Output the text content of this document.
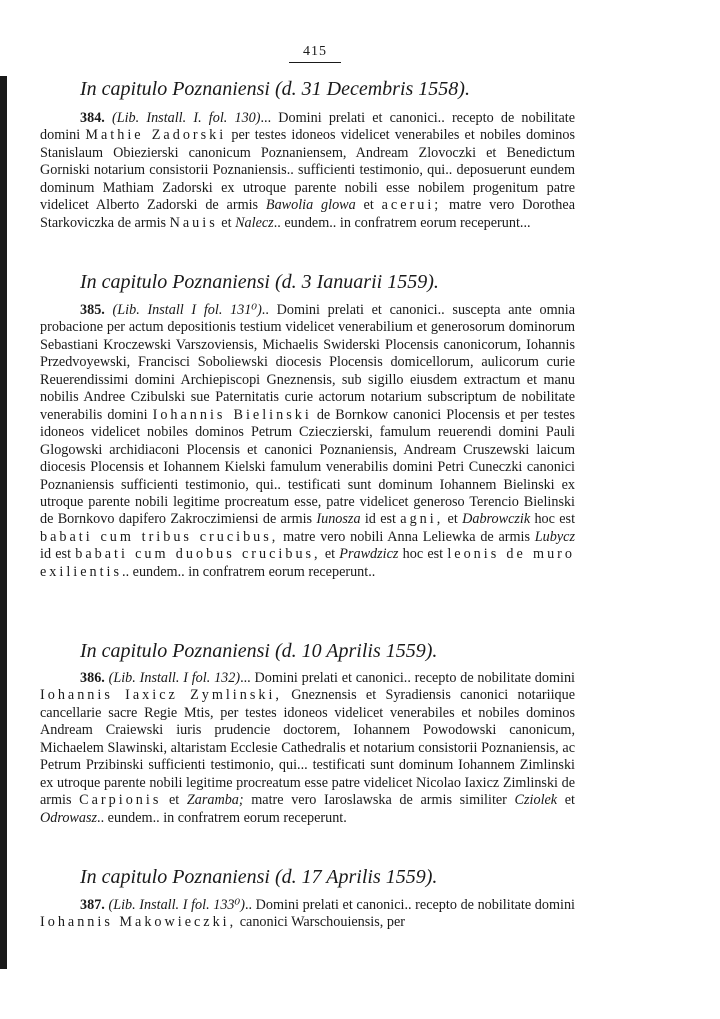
415
In capitulo Poznaniensi (d. 31 Decembris 1558).

384. (Lib. Install. I. fol. 130)... Domini prelati et canonici.. recepto de nobilitate domini Mathie Zadorski per testes idoneos videlicet venerabiles et nobiles dominos Stanislaum Obiezierski canonicum Poznaniensem, Andream Zlovoczki et Benedictum Gorniski notarium consistorii Poznaniensis.. sufficienti testimonio, qui.. deposuerunt eundem dominum Mathiam Zadorski ex utroque parente nobili esse nobilem progenitum patre videlicet Alberto Zadorski de armis Bawolia glowa et acerui; matre vero Dorothea Starkoviczka de armis Nauis et Nalecz.. eundem.. in confratrem eorum receperunt...

In capitulo Poznaniensi (d. 3 Ianuarii 1559).

385. (Lib. Install I fol. 131⁰).. Domini prelati et canonici.. suscepta ante omnia probacione per actum depositionis testium videlicet venerabilium et generosorum dominorum Sebastiani Kroczewski Varszoviensis, Michaelis Swiderski Plocensis canonicorum, Iohannis Przedvoyewski, Francisci Soboliewski diocesis Plocensis domicellorum, aulicorum curie Reuerendissimi domini Archiepiscopi Gneznensis, sub sigillo eiusdem extractum et manu nobilis Andree Czibulski sue Paternitatis curie actorum notarium subscriptum de nobilitate venerabilis domini Iohannis Bielinski de Bornkow canonici Plocensis et per testes idoneos videlicet nobiles dominos Petrum Czieczierski, famulum reuerendi domini Pauli Glogowski archidiaconi Plocensis et canonici Poznaniensis, Andream Cruszewski laicum diocesis Plocensis et Iohannem Kielski famulum venerabilis domini Petri Cuneczki canonici Poznaniensis sufficienti testimonio, qui.. testificati sunt dominum Iohannem Bielinski ex utroque parente nobili legitime procreatum esse, patre videlicet generoso Terencio Bielinski de Bornkovo dapifero Zakroczimiensi de armis Iunosza id est agni, et Dabrowczik hoc est babati cum tribus crucibus, matre vero nobili Anna Leliewka de armis Lubycz id est babati cum duobus crucibus, et Prawdzicz hoc est leonis de muro exilientis.. eundem.. in confratrem eorum receperunt..

In capitulo Poznaniensi (d. 10 Aprilis 1559).

386. (Lib. Install. I fol. 132)... Domini prelati et canonici.. recepto de nobilitate domini Iohannis Iaxicz Zymlinski, Gneznensis et Syradiensis canonici notariique cancellarie sacre Regie Mtis, per testes idoneos videlicet venerabiles et nobiles dominos Andream Craiewski iuris prudencie doctorem, Iohannem Powodowski canonicum, Michaelem Slawinski, altaristam Ecclesie Cathedralis et notarium consistorii Poznaniensis, ac Petrum Przibinski sufficienti testimonio, qui... testificati sunt dominum Iohannem Zimlinski ex utroque parente nobili legitime procreatum esse patre videlicet Nicolao Iaxicz Zimlinski de armis Carpionis et Zaramba; matre vero Iaroslawska de armis similiter Cziolek et Odrowasz.. eundem.. in confratrem eorum receperunt.

In capitulo Poznaniensi (d. 17 Aprilis 1559).

387. (Lib. Install. I fol. 133⁰).. Domini prelati et canonici.. recepto de nobilitate domini Iohannis Makowieczki, canonici Warschouiensis, per
